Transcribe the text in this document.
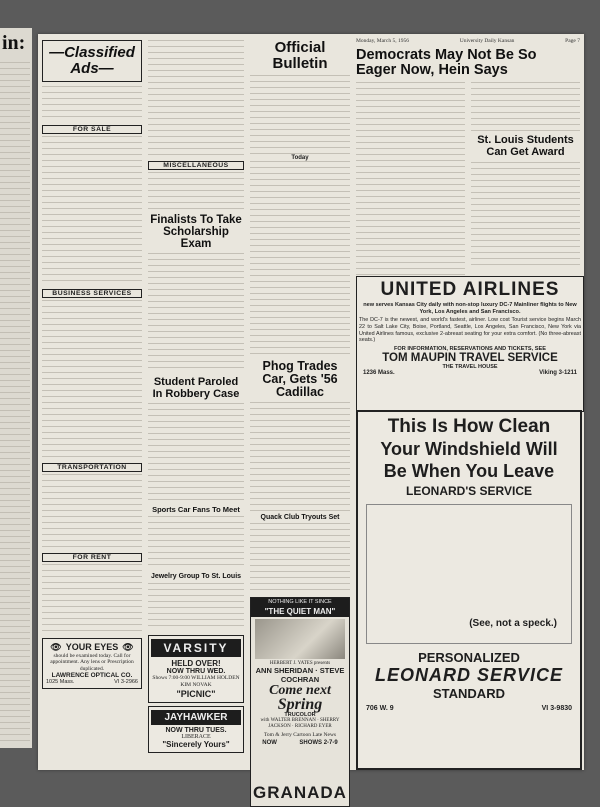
in:	Monday, March 5, 1956	University Daily Kansan	Page 7
—Classified Ads—
FOR SALE
BUSINESS SERVICES
TRANSPORTATION
FOR RENT
👁 YOUR EYES 👁
should be examined today. Call for appointment. Any lens or Prescription duplicated.
LAWRENCE OPTICAL CO.
1025 Mass.	VI 3-2966
MISCELLANEOUS
Finalists To Take Scholarship Exam
Student Paroled In Robbery Case
Sports Car Fans To Meet
Jewelry Group To St. Louis
VARSITY
HELD OVER!
NOW THRU WED.
Shows 7:00-9:00 WILLIAM HOLDEN KIM NOVAK
"PICNIC"
JAYHAWKER
NOW THRU TUES.
LIBERACE
"Sincerely Yours"
Official Bulletin
Today
Phog Trades Car, Gets '56 Cadillac
Quack Club Tryouts Set
NOTHING LIKE IT SINCE
"THE QUIET MAN"
HERBERT J. YATES presents
ANN SHERIDAN · STEVE COCHRAN
Come next
Spring
TRUCOLOR
with WALTER BRENNAN · SHERRY JACKSON · RICHARD EYER
Tom & Jerry Cartoon Late News
NOW	SHOWS 2-7-9
GRANADA
Democrats May Not Be So Eager Now, Hein Says
St. Louis Students Can Get Award
UNITED AIRLINES
new serves Kansas City daily with non-stop luxury DC-7 Mainliner flights to New York, Los Angeles and San Francisco.
The DC-7 is the newest, and world's fastest, airliner. Low cost Tourist service begins March 22 to Salt Lake City, Boise, Portland, Seattle, Los Angeles, San Francisco, New York via United Airlines famous, exclusive 2-abreast seating for your extra comfort. (No three-abreast seats.)
FOR INFORMATION, RESERVATIONS AND TICKETS, SEE
TOM MAUPIN TRAVEL SERVICE
THE TRAVEL HOUSE
1236 Mass.	Viking 3-1211
This Is How Clean
Your Windshield Will
Be When You Leave
LEONARD'S SERVICE
(See, not a speck.)
PERSONALIZED
LEONARD SERVICE
STANDARD
706 W. 9	VI 3-9830
